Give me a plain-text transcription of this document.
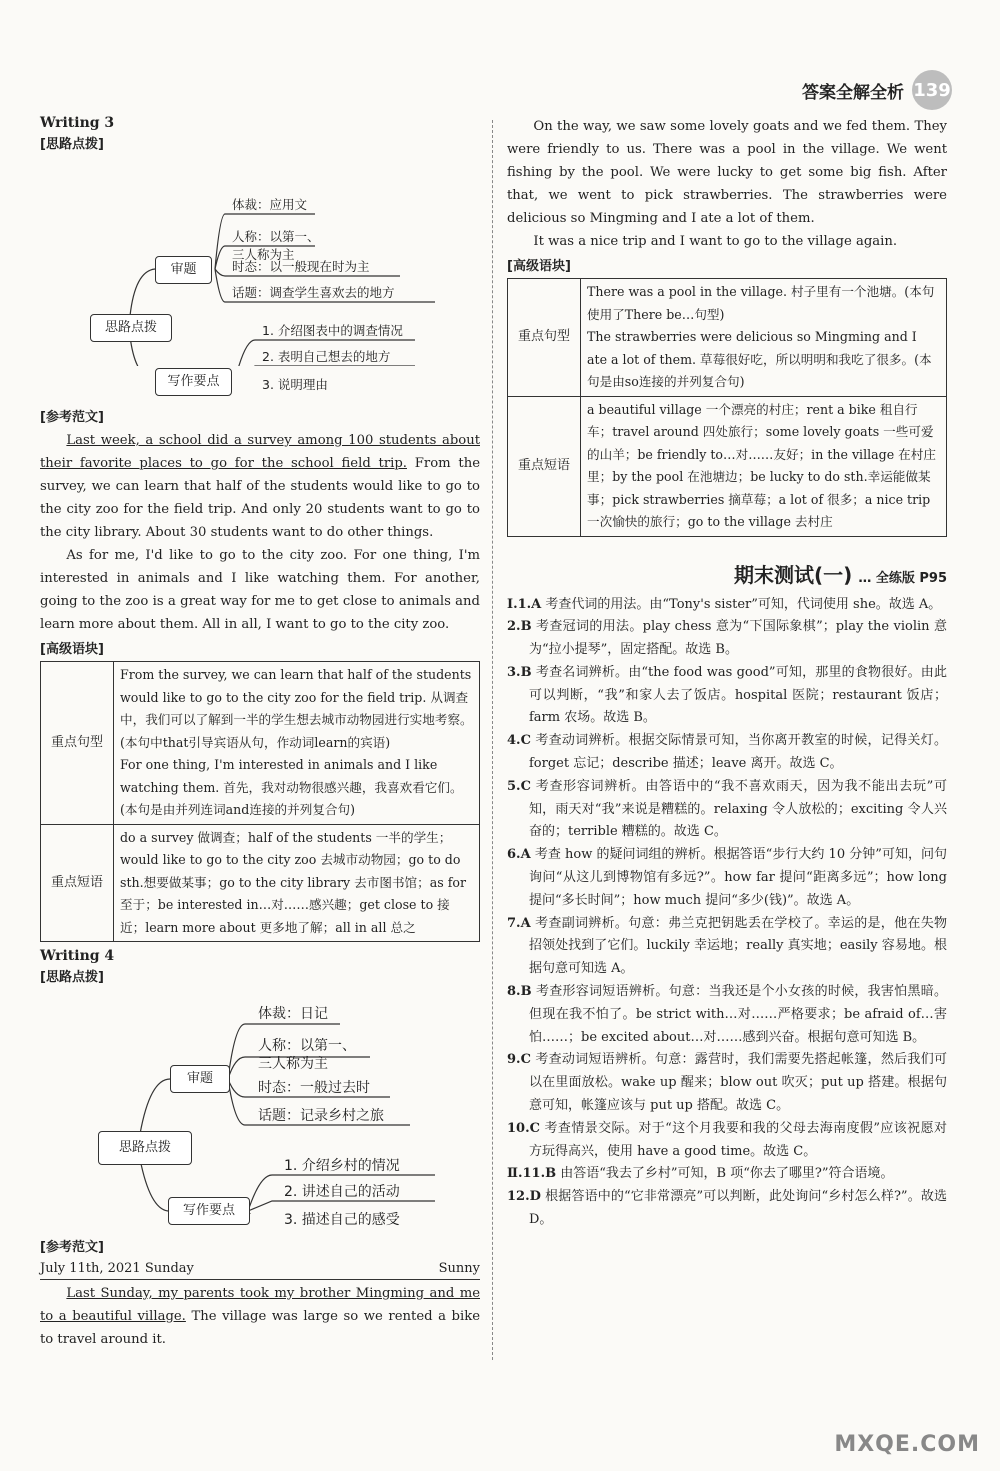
答案全解全析 139
Writing 3
[思路点拨]
思路点拨
审题
写作要点
体裁：应用文
人称：以第一、
三人称为主
时态：以一般现在时为主
话题：调查学生喜欢去的地方
1. 介绍图表中的调查情况
2. 表明自己想去的地方
3. 说明理由
[参考范文]

Last week, a school did a survey among 100 students about their favorite places to go for the school field trip. From the survey, we can learn that half of the students would like to go to the city zoo for the field trip. And only 20 students want to go to the city library. About 30 students want to do other things.

As for me, I'd like to go to the city zoo. For one thing, I'm interested in animals and I like watching them. For another, going to the zoo is a great way for me to get close to animals and learn more about them. All in all, I want to go to the city zoo.

[高级语块]
重点句型	From the survey, we can learn that half of the students would like to go to the city zoo for the field trip. 从调查中，我们可以了解到一半的学生想去城市动物园进行实地考察。(本句中that引导宾语从句，作动词learn的宾语)
For one thing, I'm interested in animals and I like watching them. 首先，我对动物很感兴趣，我喜欢看它们。(本句是由并列连词and连接的并列复合句)
重点短语	do a survey 做调查；half of the students 一半的学生；would like to go to the city zoo 去城市动物园；go to do sth.想要做某事；go to the city library 去市图书馆；as for 至于；be interested in…对……感兴趣；get close to 接近；learn more about 更多地了解；all in all 总之
Writing 4
[思路点拨]
思路点拨
审题
写作要点
体裁：日记
人称：以第一、
三人称为主
时态：一般过去时
话题：记录乡村之旅
1. 介绍乡村的情况
2. 讲述自己的活动
3. 描述自己的感受
[参考范文]
July 11th, 2021 Sunday	Sunny

Last Sunday, my parents took my brother Mingming and me to a beautiful village. The village was large so we rented a bike to travel around it.

On the way, we saw some lovely goats and we fed them. They were friendly to us. There was a pool in the village. We went fishing by the pool. We were lucky to get some big fish. After that, we went to pick strawberries. The strawberries were delicious so Mingming and I ate a lot of them.

It was a nice trip and I want to go to the village again.

[高级语块]
重点句型	There was a pool in the village. 村子里有一个池塘。(本句使用了There be…句型)
The strawberries were delicious so Mingming and I ate a lot of them. 草莓很好吃，所以明明和我吃了很多。(本句是由so连接的并列复合句)
重点短语	a beautiful village 一个漂亮的村庄；rent a bike 租自行车；travel around 四处旅行；some lovely goats 一些可爱的山羊；be friendly to…对……友好；in the village 在村庄里；by the pool 在池塘边；be lucky to do sth.幸运能做某事；pick strawberries 摘草莓；a lot of 很多；a nice trip 一次愉快的旅行；go to the village 去村庄
期末测试(一) … 全练版 P95

Ⅰ.1.A 考查代词的用法。由“Tony's sister”可知，代词使用 she。故选 A。

2.B 考查冠词的用法。play chess 意为“下国际象棋”；play the violin 意为“拉小提琴”，固定搭配。故选 B。

3.B 考查名词辨析。由“the food was good”可知，那里的食物很好。由此可以判断，“我”和家人去了饭店。hospital 医院；restaurant 饭店；farm 农场。故选 B。

4.C 考查动词辨析。根据交际情景可知，当你离开教室的时候，记得关灯。forget 忘记；describe 描述；leave 离开。故选 C。

5.C 考查形容词辨析。由答语中的“我不喜欢雨天，因为我不能出去玩”可知，雨天对“我”来说是糟糕的。relaxing 令人放松的；exciting 令人兴奋的；terrible 糟糕的。故选 C。

6.A 考查 how 的疑问词组的辨析。根据答语“步行大约 10 分钟”可知，问句询问“从这儿到博物馆有多远?”。how far 提问“距离多远”；how long 提问“多长时间”；how much 提问“多少(钱)”。故选 A。

7.A 考查副词辨析。句意：弗兰克把钥匙丢在学校了。幸运的是，他在失物招领处找到了它们。luckily 幸运地；really 真实地；easily 容易地。根据句意可知选 A。

8.B 考查形容词短语辨析。句意：当我还是个小女孩的时候，我害怕黑暗。但现在我不怕了。be strict with…对……严格要求；be afraid of…害怕……；be excited about…对……感到兴奋。根据句意可知选 B。

9.C 考查动词短语辨析。句意：露营时，我们需要先搭起帐篷，然后我们可以在里面放松。wake up 醒来；blow out 吹灭；put up 搭建。根据句意可知，帐篷应该与 put up 搭配。故选 C。

10.C 考查情景交际。对于“这个月我要和我的父母去海南度假”应该祝愿对方玩得高兴，使用 have a good time。故选 C。

Ⅱ.11.B 由答语“我去了乡村”可知，B 项“你去了哪里?”符合语境。

12.D 根据答语中的“它非常漂亮”可以判断，此处询问“乡村怎么样?”。故选 D。

MXQE.COM
